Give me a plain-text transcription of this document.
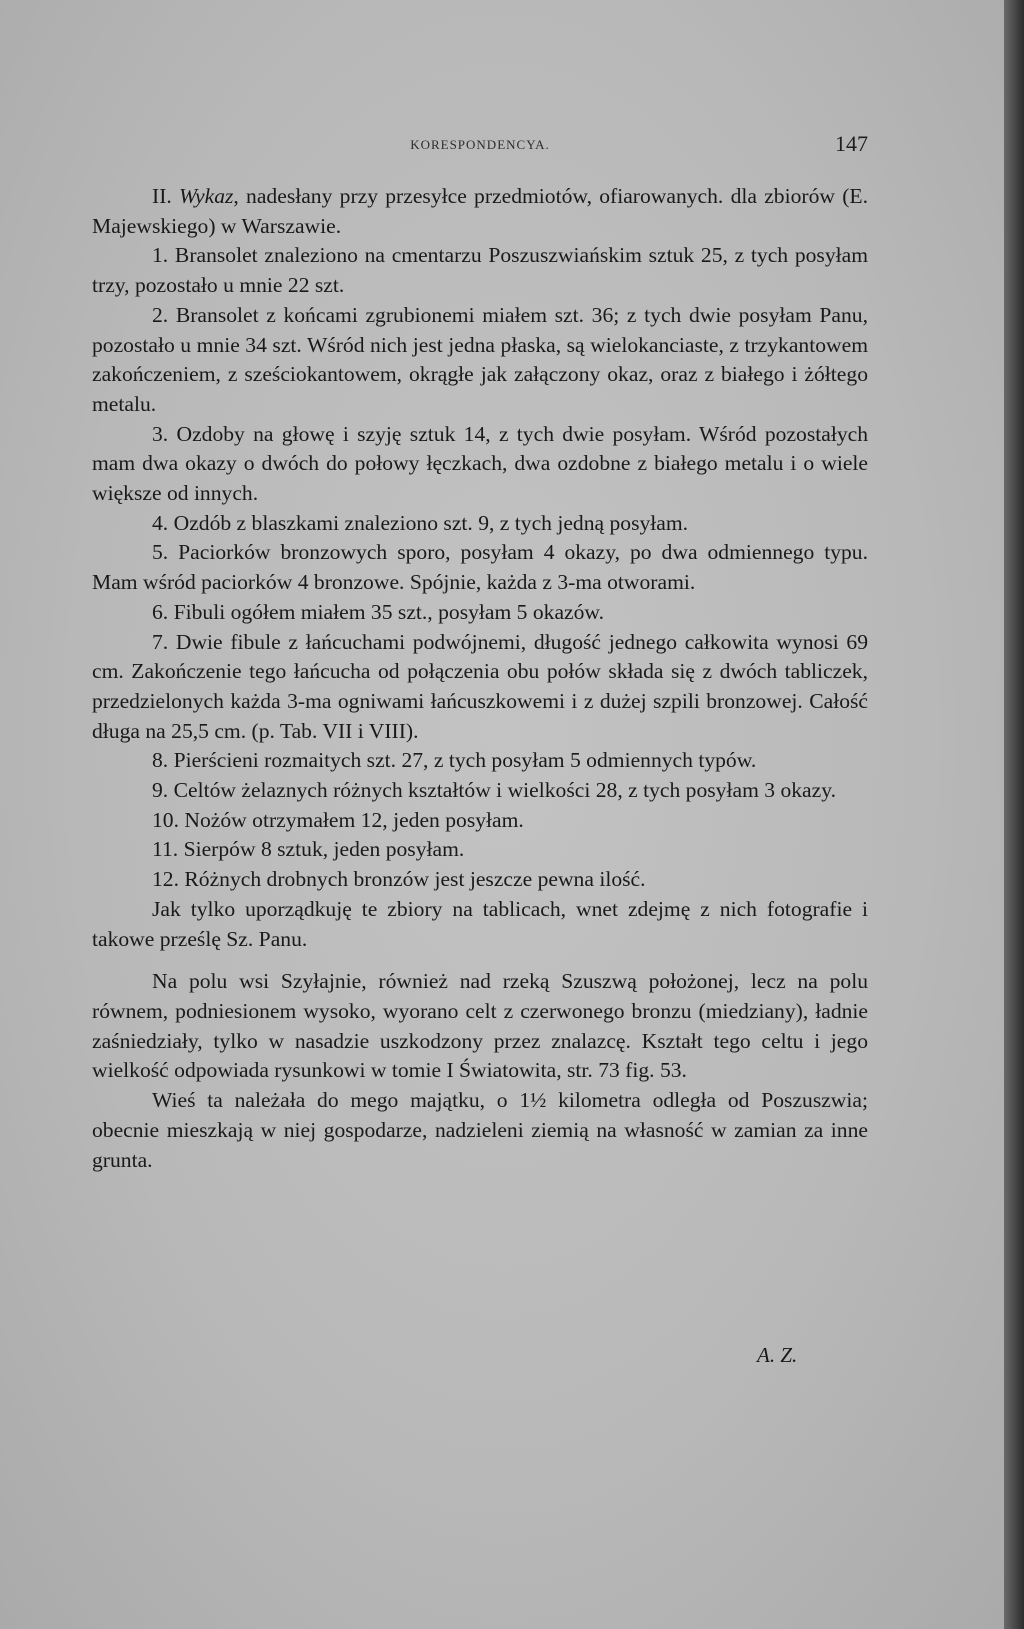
KORESPONDENCYA.	147

II. Wykaz, nadesłany przy przesyłce przedmiotów, ofiarowanych. dla zbiorów (E. Majewskiego) w Warszawie.

1. Bransolet znaleziono na cmentarzu Poszuszwiańskim sztuk 25, z tych posyłam trzy, pozostało u mnie 22 szt.

2. Bransolet z końcami zgrubionemi miałem szt. 36; z tych dwie posyłam Panu, pozostało u mnie 34 szt. Wśród nich jest jedna płaska, są wielokanciaste, z trzykantowem zakończeniem, z sześciokantowem, okrągłe jak załączony okaz, oraz z białego i żółtego metalu.

3. Ozdoby na głowę i szyję sztuk 14, z tych dwie posyłam. Wśród pozostałych mam dwa okazy o dwóch do połowy łęczkach, dwa ozdobne z białego metalu i o wiele większe od innych.

4. Ozdób z blaszkami znaleziono szt. 9, z tych jedną posyłam.

5. Paciorków bronzowych sporo, posyłam 4 okazy, po dwa odmiennego typu. Mam wśród paciorków 4 bronzowe. Spójnie, każda z 3-ma otworami.

6. Fibuli ogółem miałem 35 szt., posyłam 5 okazów.

7. Dwie fibule z łańcuchami podwójnemi, długość jednego całkowita wynosi 69 cm. Zakończenie tego łańcucha od połączenia obu połów składa się z dwóch tabliczek, przedzielonych każda 3-ma ogniwami łańcuszkowemi i z dużej szpili bronzowej. Całość długa na 25,5 cm. (p. Tab. VII i VIII).

8. Pierścieni rozmaitych szt. 27, z tych posyłam 5 odmiennych typów.

9. Celtów żelaznych różnych kształtów i wielkości 28, z tych posyłam 3 okazy.

10. Nożów otrzymałem 12, jeden posyłam.

11. Sierpów 8 sztuk, jeden posyłam.

12. Różnych drobnych bronzów jest jeszcze pewna ilość.

Jak tylko uporządkuję te zbiory na tablicach, wnet zdejmę z nich fotografie i takowe prześlę Sz. Panu.

Na polu wsi Szyłajnie, również nad rzeką Szuszwą położonej, lecz na polu równem, podniesionem wysoko, wyorano celt z czerwonego bronzu (miedziany), ładnie zaśniedziały, tylko w nasadzie uszkodzony przez znalazcę. Kształt tego celtu i jego wielkość odpowiada rysunkowi w tomie I Światowita, str. 73 fig. 53.

Wieś ta należała do mego majątku, o 1½ kilometra odległa od Poszuszwia; obecnie mieszkają w niej gospodarze, nadzieleni ziemią na własność w zamian za inne grunta.

A. Z.
